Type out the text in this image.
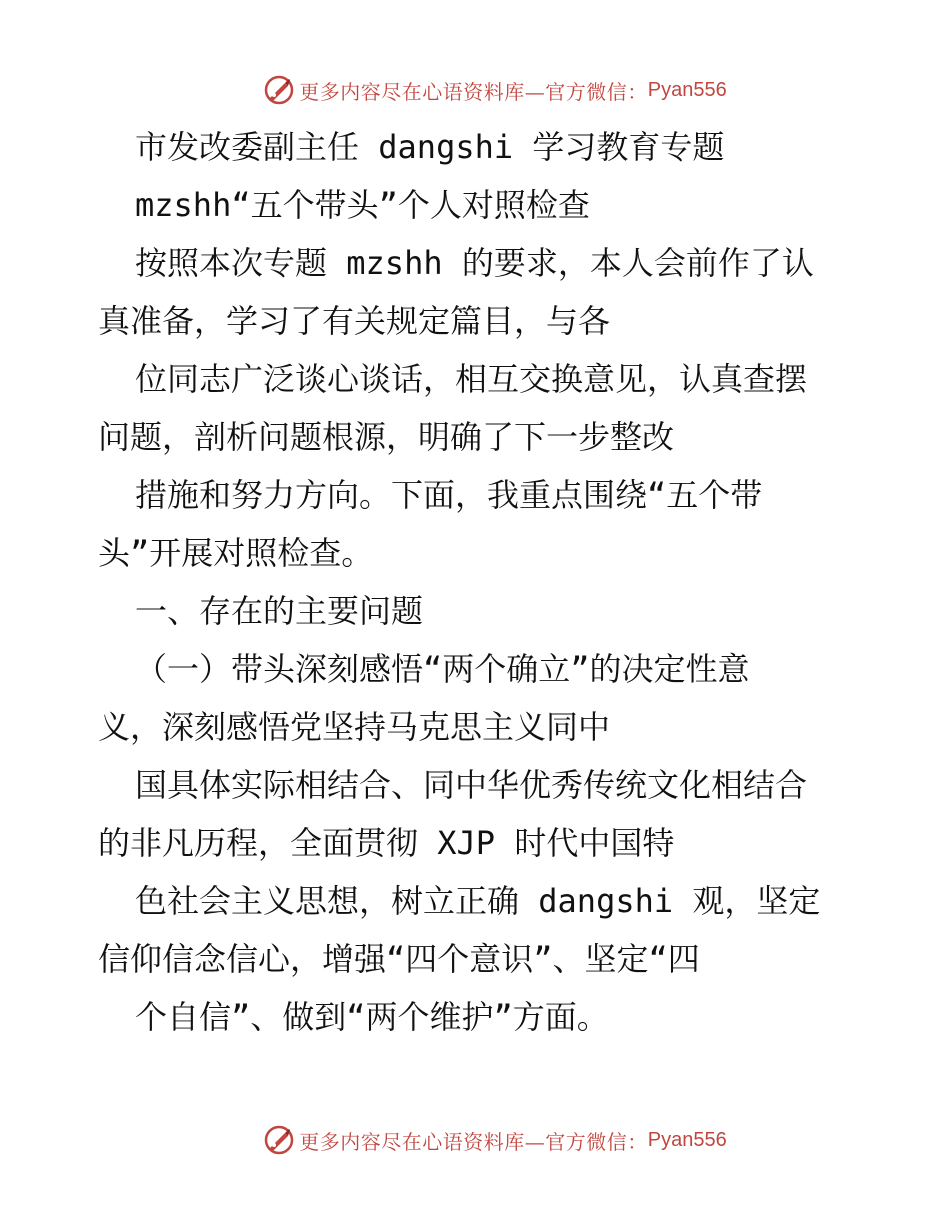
更多内容尽在心语资料库—官方微信： Pyan556
市发改委副主任 dangshi 学习教育专题
mzshh“五个带头”个人对照检查
按照本次专题 mzshh 的要求，本人会前作了认
真准备，学习了有关规定篇目，与各
位同志广泛谈心谈话，相互交换意见，认真查摆
问题，剖析问题根源，明确了下一步整改
措施和努力方向。下面，我重点围绕“五个带
头”开展对照检查。
一、存在的主要问题
（一）带头深刻感悟“两个确立”的决定性意
义，深刻感悟党坚持马克思主义同中
国具体实际相结合、同中华优秀传统文化相结合
的非凡历程，全面贯彻 XJP 时代中国特
色社会主义思想，树立正确 dangshi 观，坚定
信仰信念信心，增强“四个意识”、坚定“四
个自信”、做到“两个维护”方面。
更多内容尽在心语资料库—官方微信： Pyan556
